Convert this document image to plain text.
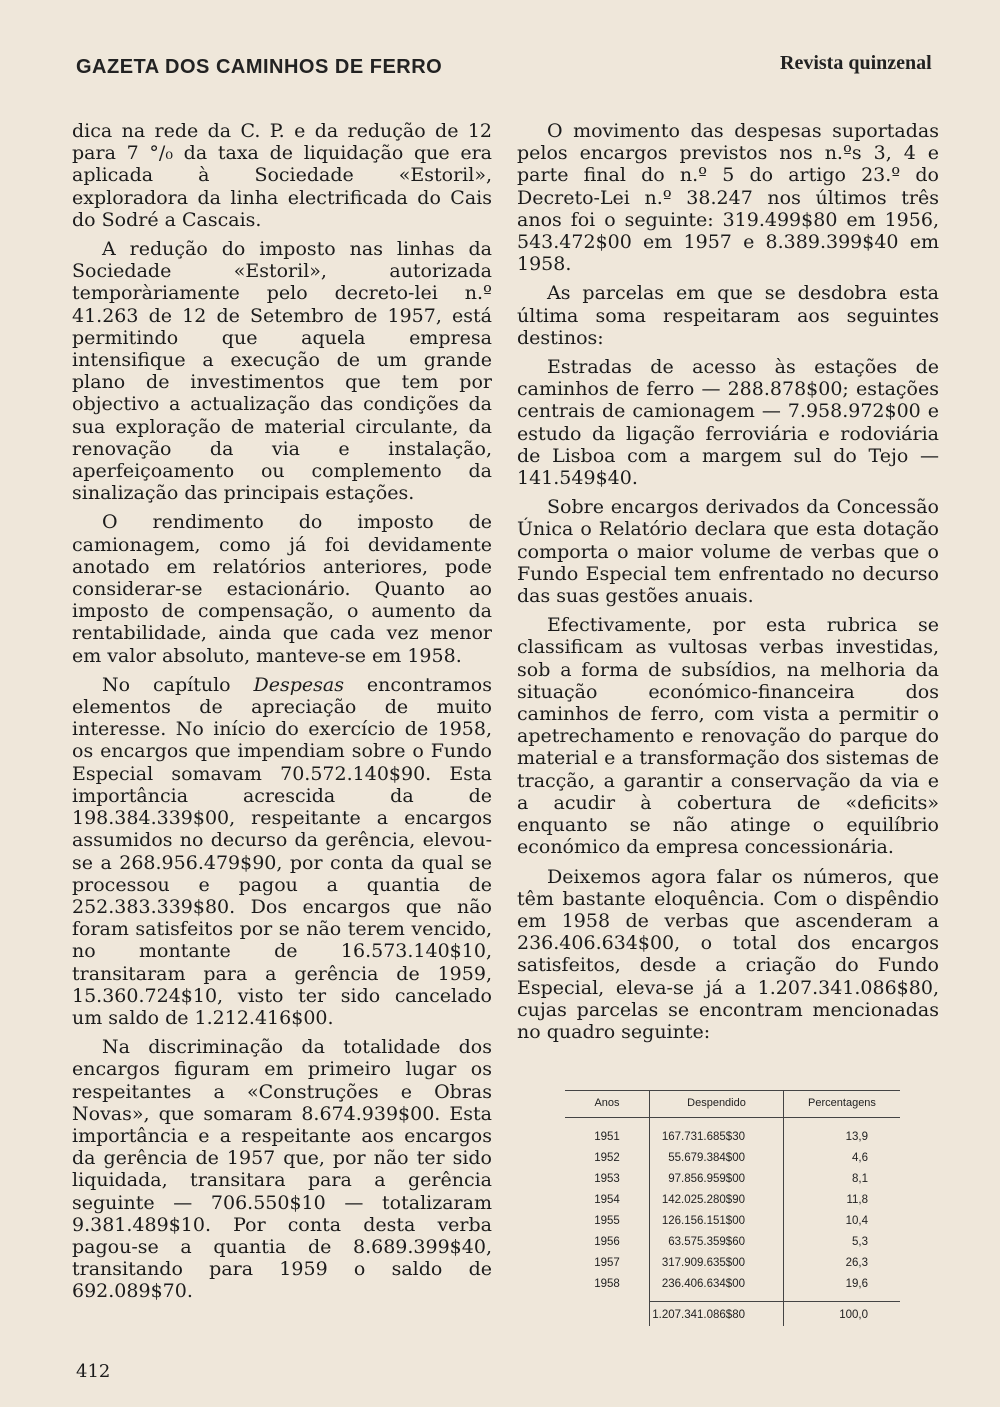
GAZETA DOS CAMINHOS DE FERRO	Revista quinzenal

dica na rede da C. P. e da redução de 12 para 7 °/₀ da taxa de liquidação que era aplicada à Sociedade «Estoril», exploradora da linha electrificada do Cais do Sodré a Cascais.

A redução do imposto nas linhas da Sociedade «Estoril», autorizada temporàriamente pelo decreto-lei n.º 41.263 de 12 de Setembro de 1957, está permitindo que aquela empresa intensifique a execução de um grande plano de investimentos que tem por objectivo a actualização das condições da sua exploração de material circulante, da renovação da via e instalação, aperfeiçoamento ou complemento da sinalização das principais estações.

O rendimento do imposto de camionagem, como já foi devidamente anotado em relatórios anteriores, pode considerar-se estacionário. Quanto ao imposto de compensação, o aumento da rentabilidade, ainda que cada vez menor em valor absoluto, manteve-se em 1958.

No capítulo Despesas encontramos elementos de apreciação de muito interesse. No início do exercício de 1958, os encargos que impendiam sobre o Fundo Especial somavam 70.572.140$90. Esta importância acrescida da de 198.384.339$00, respeitante a encargos assumidos no decurso da gerência, elevou-se a 268.956.479$90, por conta da qual se processou e pagou a quantia de 252.383.339$80. Dos encargos que não foram satisfeitos por se não terem vencido, no montante de 16.573.140$10, transitaram para a gerência de 1959, 15.360.724$10, visto ter sido cancelado um saldo de 1.212.416$00.

Na discriminação da totalidade dos encargos figuram em primeiro lugar os respeitantes a «Construções e Obras Novas», que somaram 8.674.939$00. Esta importância e a respeitante aos encargos da gerência de 1957 que, por não ter sido liquidada, transitara para a gerência seguinte — 706.550$10 — totalizaram 9.381.489$10. Por conta desta verba pagou-se a quantia de 8.689.399$40, transitando para 1959 o saldo de 692.089$70.

O movimento das despesas suportadas pelos encargos previstos nos n.ºs 3, 4 e parte final do n.º 5 do artigo 23.º do Decreto-Lei n.º 38.247 nos últimos três anos foi o seguinte: 319.499$80 em 1956, 543.472$00 em 1957 e 8.389.399$40 em 1958.

As parcelas em que se desdobra esta última soma respeitaram aos seguintes destinos:

Estradas de acesso às estações de caminhos de ferro — 288.878$00; estações centrais de camionagem — 7.958.972$00 e estudo da ligação ferroviária e rodoviária de Lisboa com a margem sul do Tejo — 141.549$40.

Sobre encargos derivados da Concessão Única o Relatório declara que esta dotação comporta o maior volume de verbas que o Fundo Especial tem enfrentado no decurso das suas gestões anuais.

Efectivamente, por esta rubrica se classificam as vultosas verbas investidas, sob a forma de subsídios, na melhoria da situação económico-financeira dos caminhos de ferro, com vista a permitir o apetrechamento e renovação do parque do material e a transformação dos sistemas de tracção, a garantir a conservação da via e a acudir à cobertura de «deficits» enquanto se não atinge o equilíbrio económico da empresa concessionária.

Deixemos agora falar os números, que têm bastante eloquência. Com o dispêndio em 1958 de verbas que ascenderam a 236.406.634$00, o total dos encargos satisfeitos, desde a criação do Fundo Especial, eleva-se já a 1.207.341.086$80, cujas parcelas se encontram mencionadas no quadro seguinte:

Anos	Despendido	Percentagens
1951	167.731.685$30	13,9
1952	55.679.384$00	4,6
1953	97.856.959$00	8,1
1954	142.025.280$90	11,8
1955	126.156.151$00	10,4
1956	63.575.359$60	5,3
1957	317.909.635$00	26,3
1958	236.406.634$00	19,6
	1.207.341.086$80	100,0
412
